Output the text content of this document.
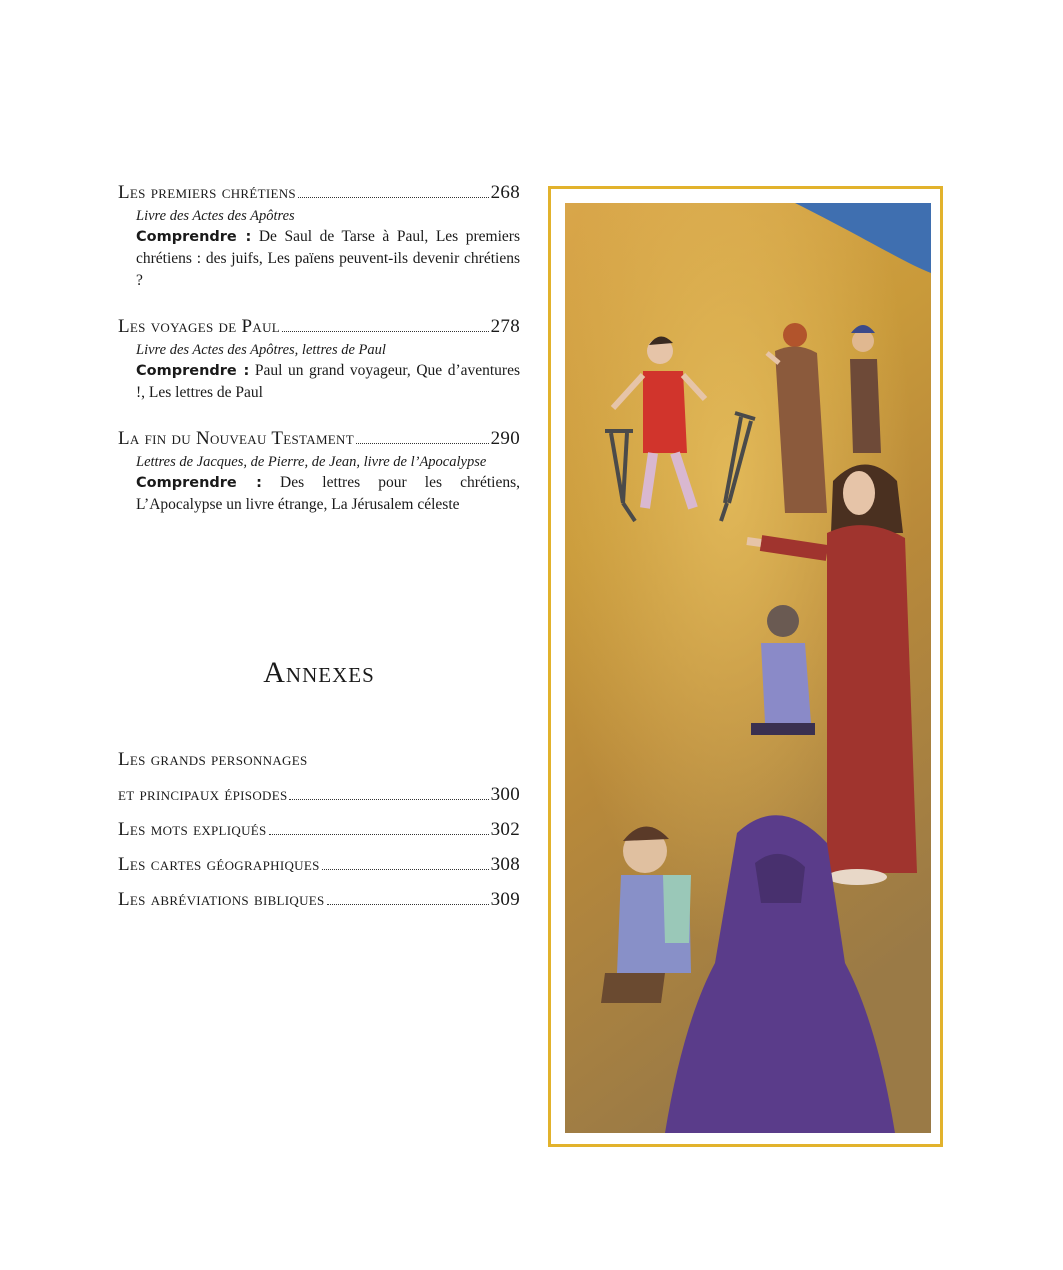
Les premiers chrétiens	268
Livre des Actes des Apôtres
Comprendre : De Saul de Tarse à Paul, Les premiers chrétiens : des juifs, Les païens peuvent-ils devenir chrétiens ?
Les voyages de Paul	278
Livre des Actes des Apôtres, lettres de Paul
Comprendre : Paul un grand voyageur, Que d’aventures !, Les lettres de Paul
La fin du Nouveau Testament	290
Lettres de Jacques, de Pierre, de Jean, livre de l’Apocalypse
Comprendre : Des lettres pour les chrétiens, L’Apocalypse un livre étrange, La Jérusalem céleste
Annexes
Les grands personnages
et principaux épisodes	300
Les mots expliqués	302
Les cartes géographiques	308
Les abréviations bibliques	309
